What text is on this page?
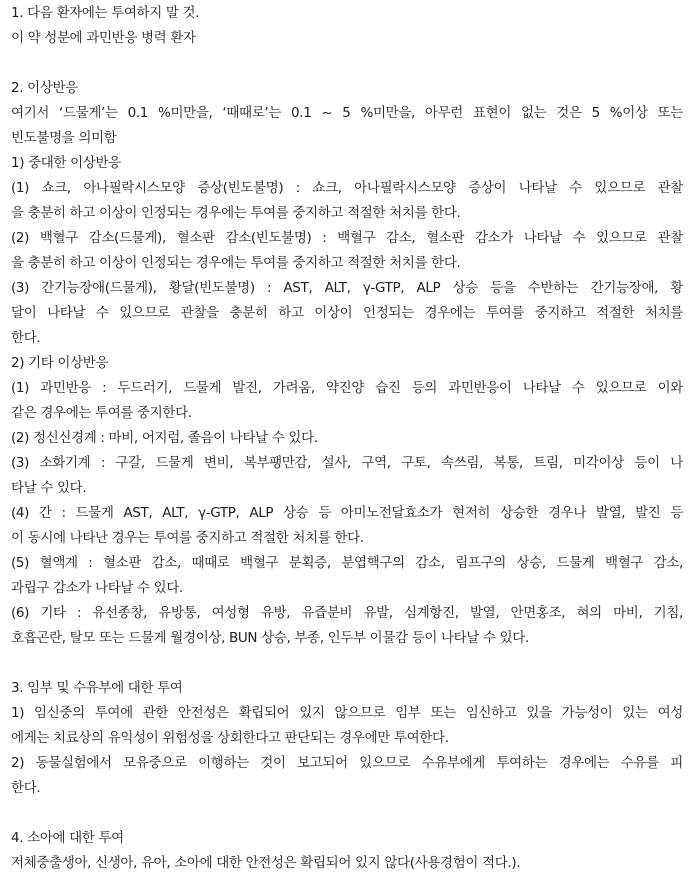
1. 다음 환자에는 투여하지 말 것.
이 약 성분에 과민반응 병력 환자
2. 이상반응
여기서 ‘드물게’는 0.1 %미만을, ‘때때로’는 0.1 ~ 5 %미만을, 아무런 표현이 없는 것은 5 %이상 또는
빈도불명을 의미함
1) 중대한 이상반응
(1) 쇼크, 아나필락시스모양 증상(빈도불명) : 쇼크, 아나필락시스모양 증상이 나타날 수 있으므로 관찰
을 충분히 하고 이상이 인정되는 경우에는 투여를 중지하고 적절한 처치를 한다.
(2) 백혈구 감소(드물게), 혈소판 감소(빈도불명) : 백혈구 감소, 혈소판 감소가 나타날 수 있으므로 관찰
을 충분히 하고 이상이 인정되는 경우에는 투여를 중지하고 적절한 처치를 한다.
(3) 간기능장애(드물게), 황달(빈도불명) : AST, ALT, γ-GTP, ALP 상승 등을 수반하는 간기능장애, 황
달이 나타날 수 있으므로 관찰을 충분히 하고 이상이 인정되는 경우에는 투여를 중지하고 적절한 처치를
한다.
2) 기타 이상반응
(1) 과민반응 : 두드러기, 드물게 발진, 가려움, 약진양 습진 등의 과민반응이 나타날 수 있으므로 이와
같은 경우에는 투여를 중지한다.
(2) 정신신경계 : 마비, 어지럼, 졸음이 나타날 수 있다.
(3) 소화기계 : 구갈, 드물게 변비, 복부팽만감, 설사, 구역, 구토, 속쓰림, 복통, 트림, 미각이상 등이 나
타날 수 있다.
(4) 간 : 드물게 AST, ALT, γ-GTP, ALP 상승 등 아미노전달효소가 현저히 상승한 경우나 발열, 발진 등
이 동시에 나타난 경우는 투여를 중지하고 적절한 처치를 한다.
(5) 혈액계 : 혈소판 감소, 때때로 백혈구 분획증, 분엽핵구의 감소, 림프구의 상승, 드물게 백혈구 감소,
과립구 감소가 나타날 수 있다.
(6) 기타 : 유선종창, 유방통, 여성형 유방, 유즙분비 유발, 심계항진, 발열, 안면홍조, 혀의 마비, 기침,
호흡곤란, 탈모 또는 드물게 월경이상, BUN 상승, 부종, 인두부 이물감 등이 나타날 수 있다.
3. 임부 및 수유부에 대한 투여
1) 임신중의 투여에 관한 안전성은 확립되어 있지 않으므로 임부 또는 임신하고 있을 가능성이 있는 여성
에게는 치료상의 유익성이 위험성을 상회한다고 판단되는 경우에만 투여한다.
2) 동물실험에서 모유중으로 이행하는 것이 보고되어 있으므로 수유부에게 투여하는 경우에는 수유를 피
한다.
4. 소아에 대한 투여
저체중출생아, 신생아, 유아, 소아에 대한 안전성은 확립되어 있지 않다(사용경험이 적다.).
